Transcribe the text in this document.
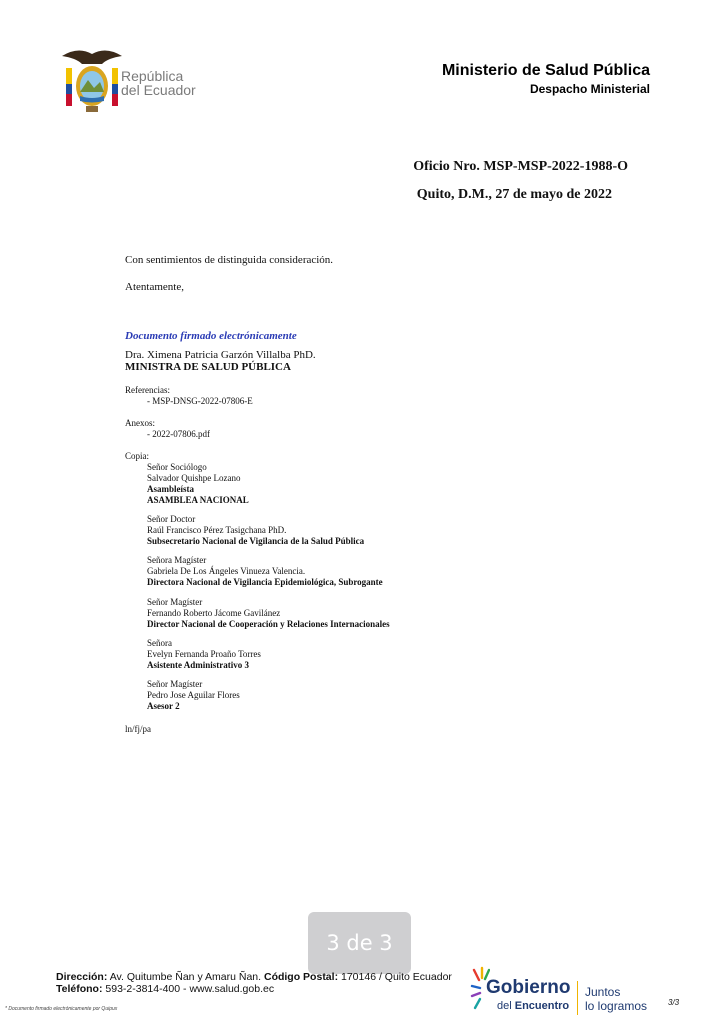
República
del Ecuador
Ministerio de Salud Pública
Despacho Ministerial
Oficio Nro. MSP-MSP-2022-1988-O
Quito, D.M., 27 de mayo de 2022
Con sentimientos de distinguida consideración.
Atentamente,
Documento firmado electrónicamente
Dra. Ximena Patricia Garzón Villalba PhD.
MINISTRA DE SALUD PÚBLICA
Referencias:
- MSP-DNSG-2022-07806-E
Anexos:
- 2022-07806.pdf
Copia:
Señor Sociólogo
Salvador Quishpe Lozano
Asambleísta
ASAMBLEA NACIONAL
Señor Doctor
Raúl Francisco Pérez Tasigchana PhD.
Subsecretario Nacional de Vigilancia de la Salud Pública
Señora Magíster
Gabriela De Los Ángeles Vinueza Valencia.
Directora Nacional de Vigilancia Epidemiológica, Subrogante
Señor Magíster
Fernando Roberto Jácome Gavilánez
Director Nacional de Cooperación y Relaciones Internacionales
Señora
Evelyn Fernanda Proaño Torres
Asistente Administrativo 3
Señor Magíster
Pedro Jose Aguilar Flores
Asesor 2
ln/fj/pa
3 de 3
Dirección: Av. Quitumbe Ñan y Amaru Ñan. Código Postal: 170146 / Quito Ecuador
Teléfono: 593-2-3814-400 - www.salud.gob.ec
* Documento firmado electrónicamente por Quipux
Gobierno
del Encuentro
Juntos
lo logramos	3/3
